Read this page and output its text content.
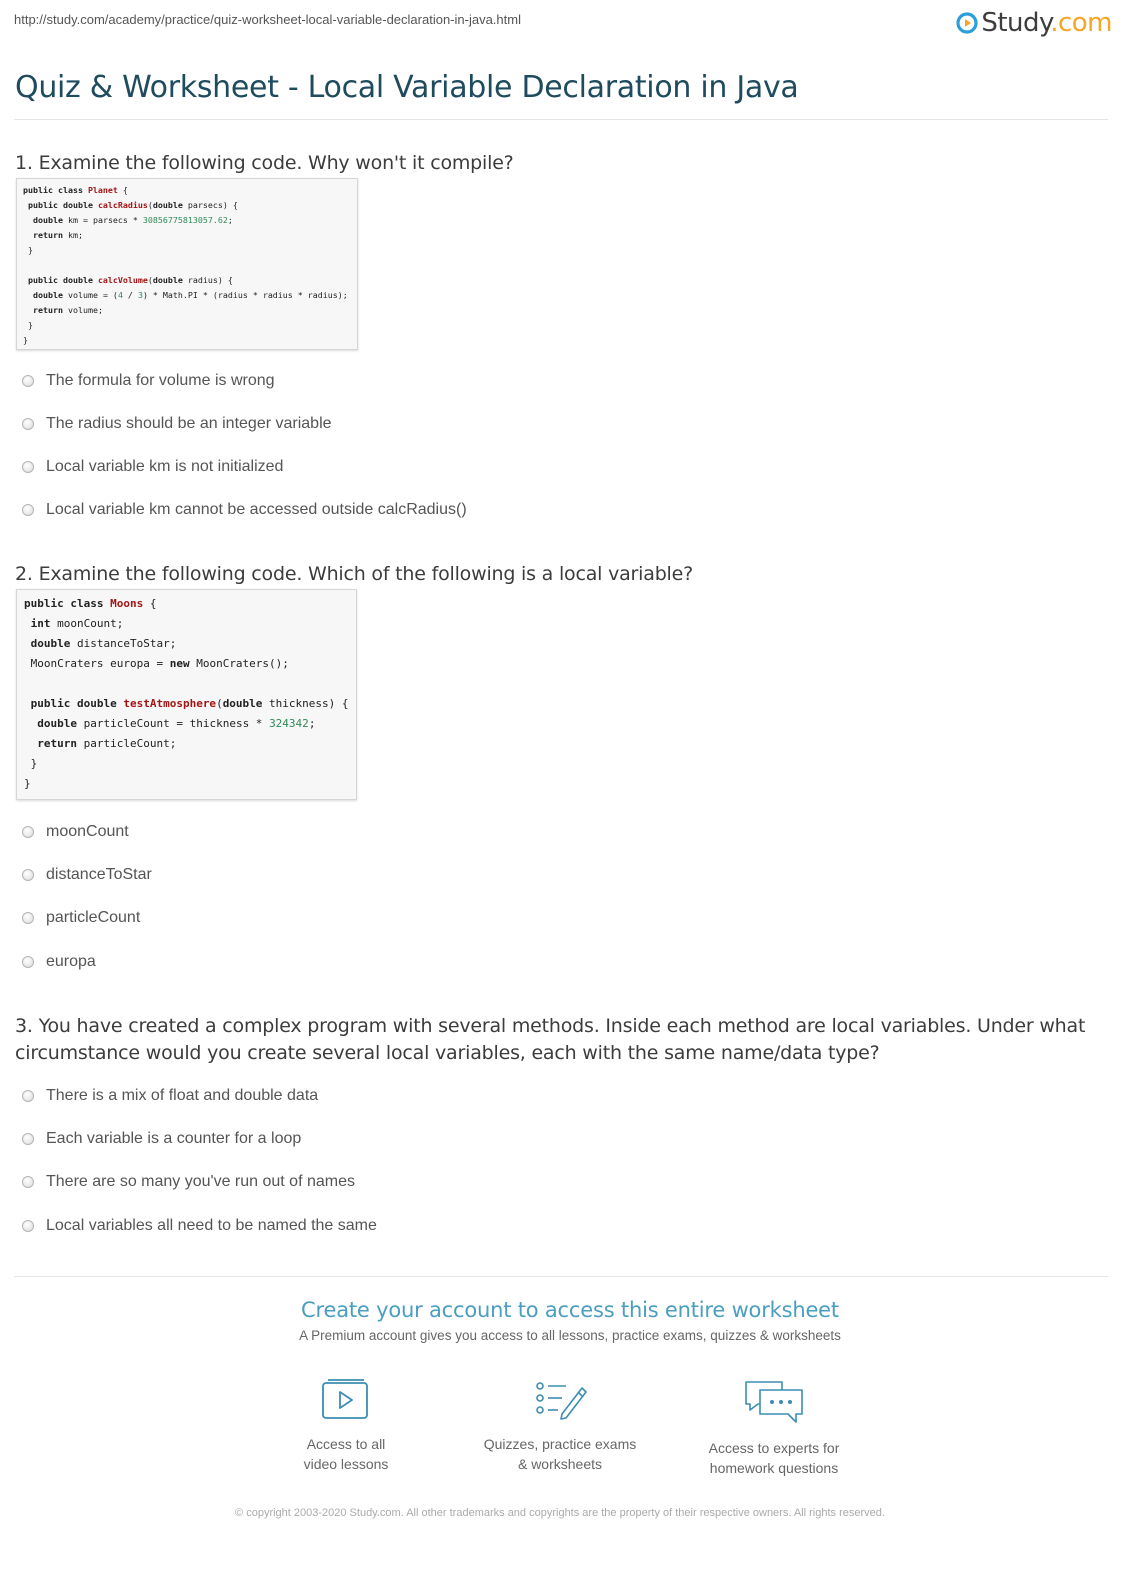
http://study.com/academy/practice/quiz-worksheet-local-variable-declaration-in-java.html	Study.com
Quiz & Worksheet - Local Variable Declaration in Java
1. Examine the following code. Why won't it compile?
public class Planet {
public double calcRadius(double parsecs) {
double km = parsecs * 30856775813057.62;
return km;
}

public double calcVolume(double radius) {
double volume = (4 / 3) * Math.PI * (radius * radius * radius);
return volume;
}
}
The formula for volume is wrong
The radius should be an integer variable
Local variable km is not initialized
Local variable km cannot be accessed outside calcRadius()
2. Examine the following code. Which of the following is a local variable?
public class Moons {
int moonCount;
double distanceToStar;
MoonCraters europa = new MoonCraters();

public double testAtmosphere(double thickness) {
double particleCount = thickness * 324342;
return particleCount;
}
}
moonCount
distanceToStar
particleCount
europa
3. You have created a complex program with several methods. Inside each method are local variables. Under what circumstance would you create several local variables, each with the same name/data type?
There is a mix of float and double data
Each variable is a counter for a loop
There are so many you've run out of names
Local variables all need to be named the same
Create your account to access this entire worksheet
A Premium account gives you access to all lessons, practice exams, quizzes & worksheets
Access to all
video lessons
Quizzes, practice exams
& worksheets
Access to experts for
homework questions
© copyright 2003-2020 Study.com. All other trademarks and copyrights are the property of their respective owners. All rights reserved.
